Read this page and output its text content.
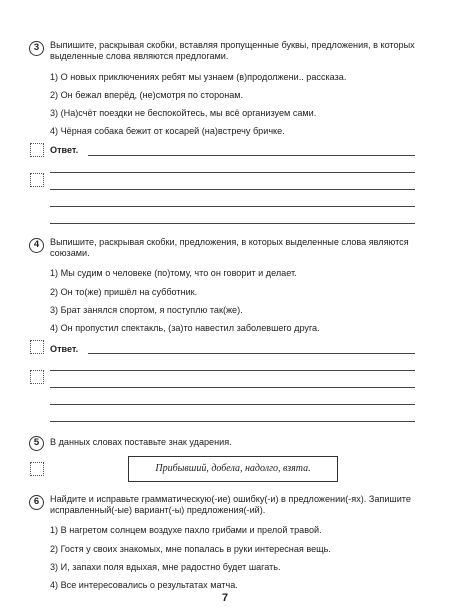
3	Выпишите, раскрывая скобки, вставляя пропущенные буквы, предложения, в которых выделенные слова являются предлогами.
1) О новых приключениях ребят мы узнаем (в)продолжени.. рассказа.
2) Он бежал вперёд, (не)смотря по сторонам.
3) (На)счёт поездки не беспокойтесь, мы всё организуем сами.
4) Чёрная собака бежит от косарей (на)встречу бричке.
Ответ.
4	Выпишите, раскрывая скобки, предложения, в которых выделенные слова являются союзами.
1) Мы судим о человеке (по)тому, что он говорит и делает.
2) Он то(же) пришёл на субботник.
3) Брат занялся спортом, я поступлю так(же).
4) Он пропустил спектакль, (за)то навестил заболевшего друга.
Ответ.
5	В данных словах поставьте знак ударения.
Прибывший, добела, надолго, взята.
6	Найдите и исправьте грамматическую(-ие) ошибку(-и) в предложении(-ях). Запишите исправленный(-ые) вариант(-ы) предложения(-ий).
1) В нагретом солнцем воздухе пахло грибами и прелой травой.
2) Гостя у своих знакомых, мне попалась в руки интересная вещь.
3) И, запахи поля вдыхая, мне радостно будет шагать.
4) Все интересовались о результатах матча.
7
